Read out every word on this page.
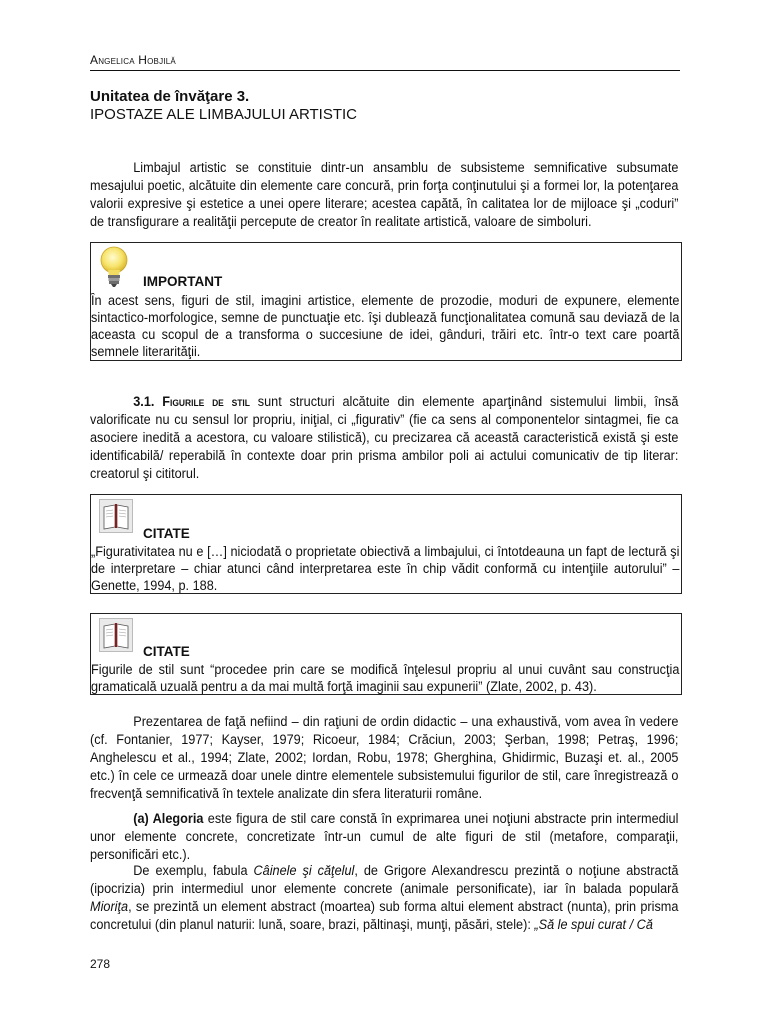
Angelica Hobjilă
Unitatea de învăţare 3.
IPOSTAZE ALE LIMBAJULUI ARTISTIC
Limbajul artistic se constituie dintr-un ansamblu de subsisteme semnificative subsumate mesajului poetic, alcătuite din elemente care concură, prin forţa conţinutului şi a formei lor, la potenţarea valorii expresive şi estetice a unei opere literare; acestea capătă, în calitatea lor de mijloace şi „coduri” de transfigurare a realităţii percepute de creator în realitate artistică, valoare de simboluri.
IMPORTANT
În acest sens, figuri de stil, imagini artistice, elemente de prozodie, moduri de expunere, elemente sintactico-morfologice, semne de punctuaţie etc. îşi dublează funcţionalitatea comună sau deviază de la aceasta cu scopul de a transforma o succesiune de idei, gânduri, trăiri etc. într-o text care poartă semnele literarităţii.
3.1. Figurile de stil sunt structuri alcătuite din elemente aparţinând sistemului limbii, însă valorificate nu cu sensul lor propriu, iniţial, ci „figurativ” (fie ca sens al componentelor sintagmei, fie ca asociere inedită a acestora, cu valoare stilistică), cu precizarea că această caracteristică există şi este identificabilă/ reperabilă în contexte doar prin prisma ambilor poli ai actului comunicativ de tip literar: creatorul şi cititorul.
CITATE
„Figurativitatea nu e […] niciodată o proprietate obiectivă a limbajului, ci întotdeauna un fapt de lectură şi de interpretare – chiar atunci când interpretarea este în chip vădit conformă cu intenţiile autorului” – Genette, 1994, p. 188.
CITATE
Figurile de stil sunt “procedee prin care se modifică înţelesul propriu al unui cuvânt sau construcţia gramaticală uzuală pentru a da mai multă forţă imaginii sau expunerii” (Zlate, 2002, p. 43).
Prezentarea de faţă nefiind – din raţiuni de ordin didactic – una exhaustivă, vom avea în vedere (cf. Fontanier, 1977; Kayser, 1979; Ricoeur, 1984; Crăciun, 2003; Şerban, 1998; Petraş, 1996; Anghelescu et al., 1994; Zlate, 2002; Iordan, Robu, 1978; Gherghina, Ghidirmic, Buzaşi et. al., 2005 etc.) în cele ce urmează doar unele dintre elementele subsistemului figurilor de stil, care înregistrează o frecvenţă semnificativă în textele analizate din sfera literaturii române.
(a) Alegoria este figura de stil care constă în exprimarea unei noţiuni abstracte prin intermediul unor elemente concrete, concretizate într-un cumul de alte figuri de stil (metafore, comparaţii, personificări etc.).
De exemplu, fabula Câinele şi căţelul, de Grigore Alexandrescu prezintă o noţiune abstractă (ipocrizia) prin intermediul unor elemente concrete (animale personificate), iar în balada populară Mioriţa, se prezintă un element abstract (moartea) sub forma altui element abstract (nunta), prin prisma concretului (din planul naturii: lună, soare, brazi, păltinaşi, munţi, păsări, stele): „Să le spui curat / Că
278
